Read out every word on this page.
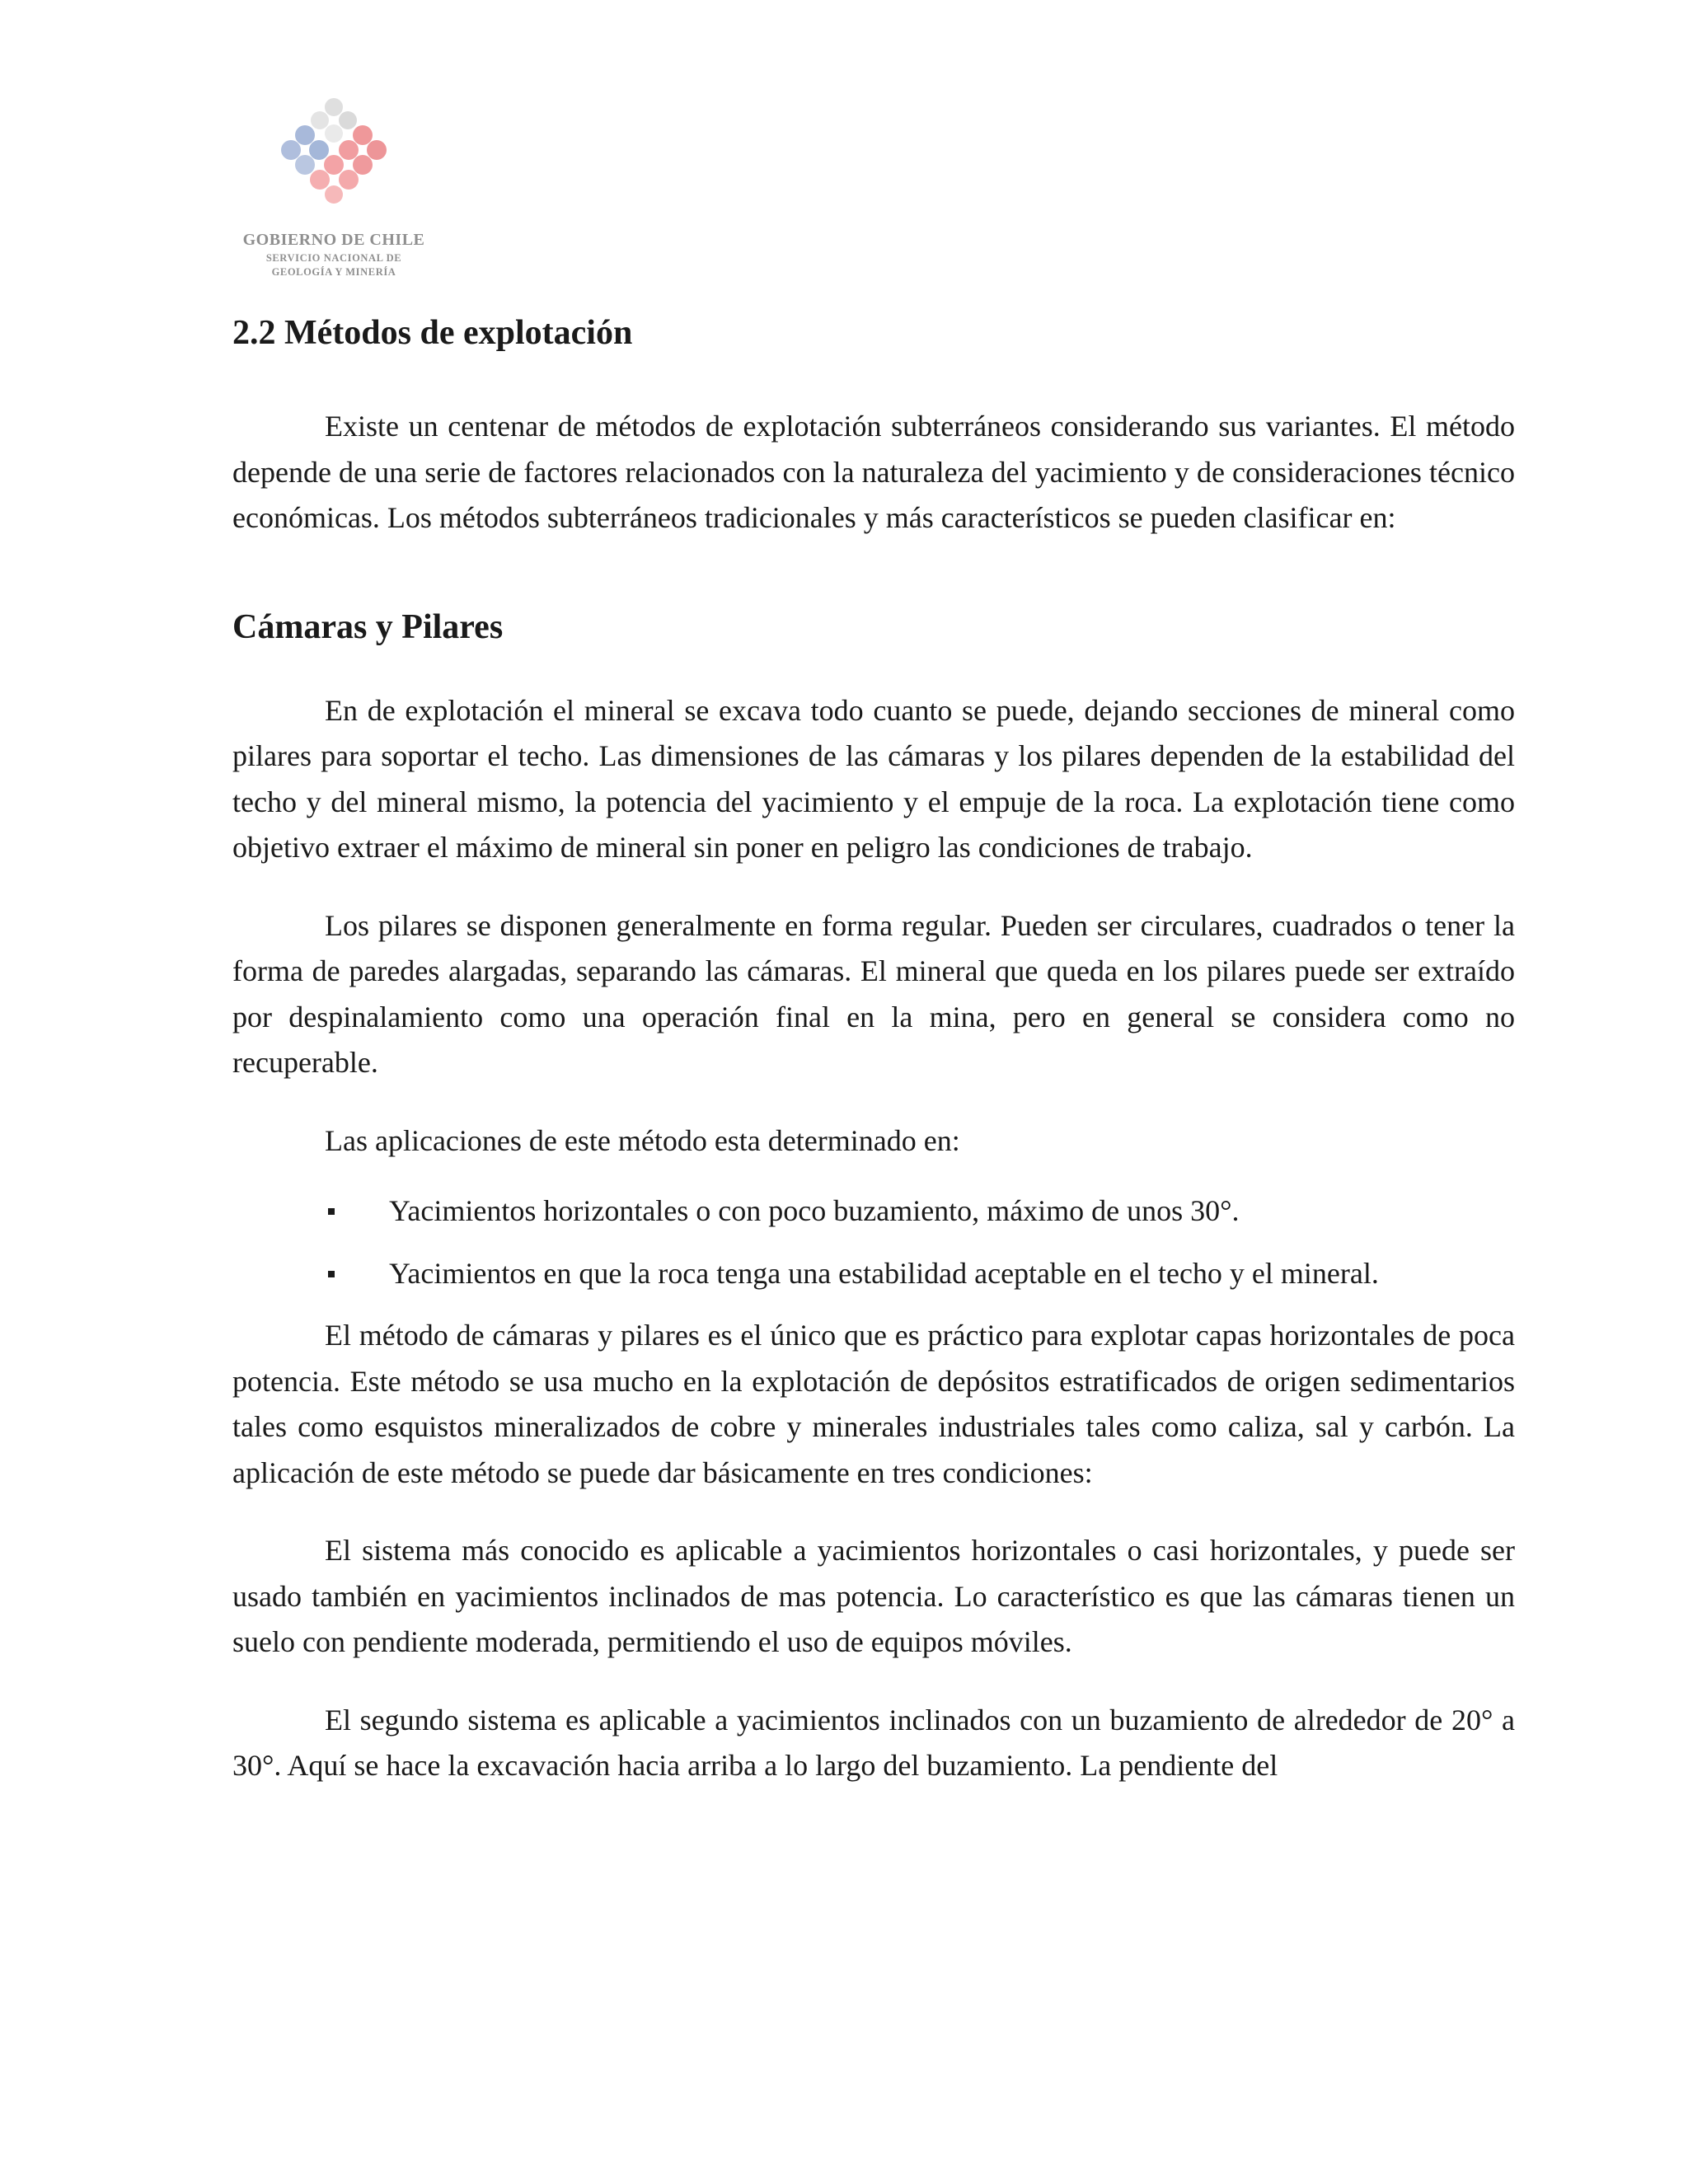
GOBIERNO DE CHILE
SERVICIO NACIONAL DE
GEOLOGÍA Y MINERÍA
2.2 Métodos de explotación

Existe un centenar de métodos de explotación subterráneos considerando sus variantes. El método depende de una serie de factores relacionados con la naturaleza del yacimiento y de consideraciones técnico económicas. Los métodos subterráneos tradicionales y más característicos se pueden clasificar en:

Cámaras y Pilares

En de explotación el mineral se excava todo cuanto se puede, dejando secciones de mineral como pilares para soportar el techo. Las dimensiones de las cámaras y los pilares dependen de la estabilidad del techo y del mineral mismo, la potencia del yacimiento y el empuje de la roca. La explotación tiene como objetivo extraer el máximo de mineral sin poner en peligro las condiciones de trabajo.

Los pilares se disponen generalmente en forma regular. Pueden ser circulares, cuadrados o tener la forma de paredes alargadas, separando las cámaras. El mineral que queda en los pilares puede ser extraído por despinalamiento como una operación final en la mina, pero en general se considera como no recuperable.

Las aplicaciones de este método esta determinado en:
Yacimientos horizontales o con poco buzamiento, máximo de unos 30°.
Yacimientos en que la roca tenga una estabilidad aceptable en el techo y el mineral.

El método de cámaras y pilares es el único que es práctico para explotar capas horizontales de poca potencia. Este método se usa mucho en la explotación de depósitos estratificados de origen sedimentarios tales como esquistos mineralizados de cobre y minerales industriales tales como caliza, sal y carbón. La aplicación de este método se puede dar básicamente en tres condiciones:

El sistema más conocido es aplicable a yacimientos horizontales o casi horizontales, y puede ser usado también en yacimientos inclinados de mas potencia. Lo característico es que las cámaras tienen un suelo con pendiente moderada, permitiendo el uso de equipos móviles.

El segundo sistema es aplicable a yacimientos inclinados con un buzamiento de alrededor de 20° a 30°. Aquí se hace la excavación hacia arriba a lo largo del buzamiento. La pendiente del
